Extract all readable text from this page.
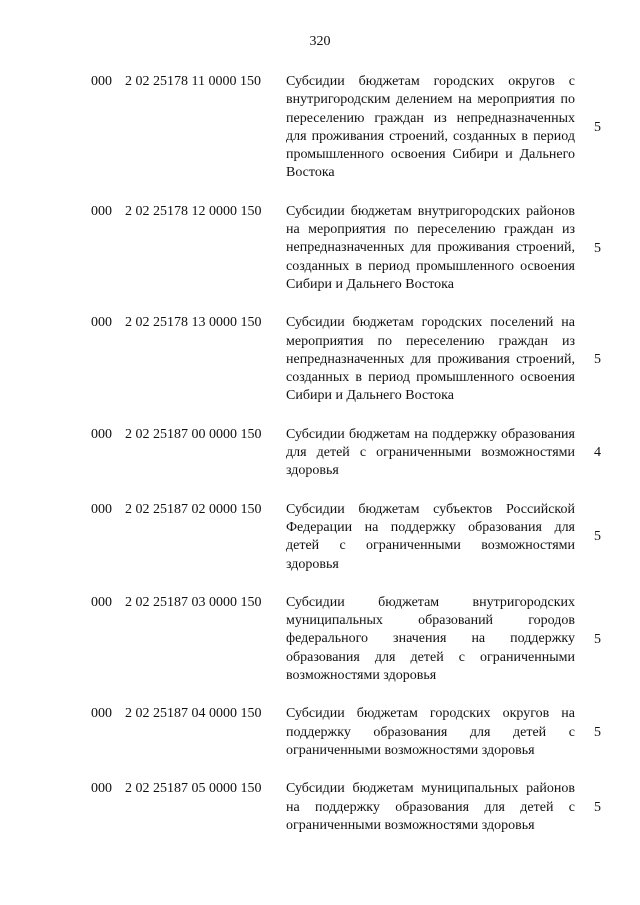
320
000 2 02 25178 11 0000 150 Субсидии бюджетам городских округов с внутригородским делением на мероприятия по переселению граждан из непредназначенных для проживания строений, созданных в период промышленного освоения Сибири и Дальнего Востока
5
000 2 02 25178 12 0000 150 Субсидии бюджетам внутригородских районов на мероприятия по переселению граждан из непредназначенных для проживания строений, созданных в период промышленного освоения Сибири и Дальнего Востока
5
000 2 02 25178 13 0000 150 Субсидии бюджетам городских поселений на мероприятия по переселению граждан из непредназначенных для проживания строений, созданных в период промышленного освоения Сибири и Дальнего Востока
5
000 2 02 25187 00 0000 150 Субсидии бюджетам на поддержку образования для детей с ограниченными возможностями здоровья
4
000 2 02 25187 02 0000 150 Субсидии бюджетам субъектов Российской Федерации на поддержку образования для детей с ограниченными возможностями здоровья
5
000 2 02 25187 03 0000 150 Субсидии бюджетам внутригородских муниципальных образований городов федерального значения на поддержку образования для детей с ограниченными возможностями здоровья
5
000 2 02 25187 04 0000 150 Субсидии бюджетам городских округов на поддержку образования для детей с ограниченными возможностями здоровья
5
000 2 02 25187 05 0000 150 Субсидии бюджетам муниципальных районов на поддержку образования для детей с ограниченными возможностями здоровья
5
